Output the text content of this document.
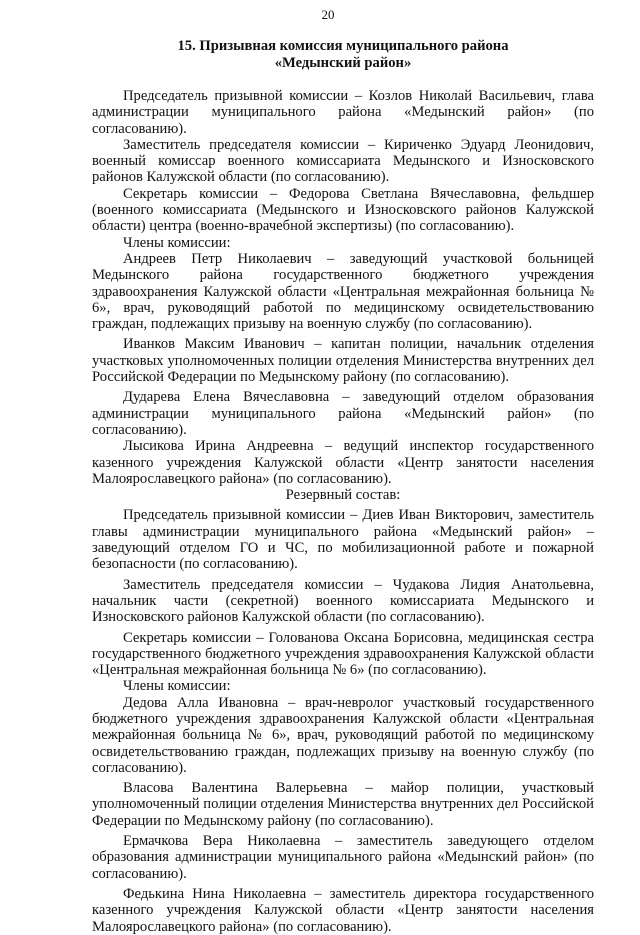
20
15. Призывная комиссия муниципального района
«Медынский район»

Председатель призывной комиссии – Козлов Николай Васильевич, глава администрации муниципального района «Медынский район» (по согласованию).

Заместитель председателя комиссии – Кириченко Эдуард Леонидович, военный комиссар военного комиссариата Медынского и Износковского районов Калужской области (по согласованию).

Секретарь комиссии – Федорова Светлана Вячеславовна, фельдшер (военного комиссариата (Медынского и Износковского районов Калужской области) центра (военно-врачебной экспертизы) (по согласованию).

Члены комиссии:

Андреев Петр Николаевич – заведующий участковой больницей Медынского района государственного бюджетного учреждения здравоохранения Калужской области «Центральная межрайонная больница № 6», врач, руководящий работой по медицинскому освидетельствованию граждан, подлежащих призыву на военную службу (по согласованию).

Иванков Максим Иванович – капитан полиции, начальник отделения участковых уполномоченных полиции отделения Министерства внутренних дел Российской Федерации по Медынскому району (по согласованию).

Дударева Елена Вячеславовна – заведующий отделом образования администрации муниципального района «Медынский район» (по согласованию).

Лысикова Ирина Андреевна – ведущий инспектор государственного казенного учреждения Калужской области «Центр занятости населения Малоярославецкого района» (по согласованию).

Резервный состав:

Председатель призывной комиссии – Диев Иван Викторович, заместитель главы администрации муниципального района «Медынский район» – заведующий отделом ГО и ЧС, по мобилизационной работе и пожарной безопасности (по согласованию).

Заместитель председателя комиссии – Чудакова Лидия Анатольевна, начальник части (секретной) военного комиссариата Медынского и Износковского районов Калужской области (по согласованию).

Секретарь комиссии – Голованова Оксана Борисовна, медицинская сестра государственного бюджетного учреждения здравоохранения Калужской области «Центральная межрайонная больница № 6» (по согласованию).

Члены комиссии:

Дедова Алла Ивановна – врач-невролог участковый государственного бюджетного учреждения здравоохранения Калужской области «Центральная межрайонная больница № 6», врач, руководящий работой по медицинскому освидетельствованию граждан, подлежащих призыву на военную службу (по согласованию).

Власова Валентина Валерьевна – майор полиции, участковый уполномоченный полиции отделения Министерства внутренних дел Российской Федерации по Медынскому району (по согласованию).

Ермачкова Вера Николаевна – заместитель заведующего отделом образования администрации муниципального района «Медынский район» (по согласованию).

Федькина Нина Николаевна – заместитель директора государственного казенного учреждения Калужской области «Центр занятости населения Малоярославецкого района» (по согласованию).
